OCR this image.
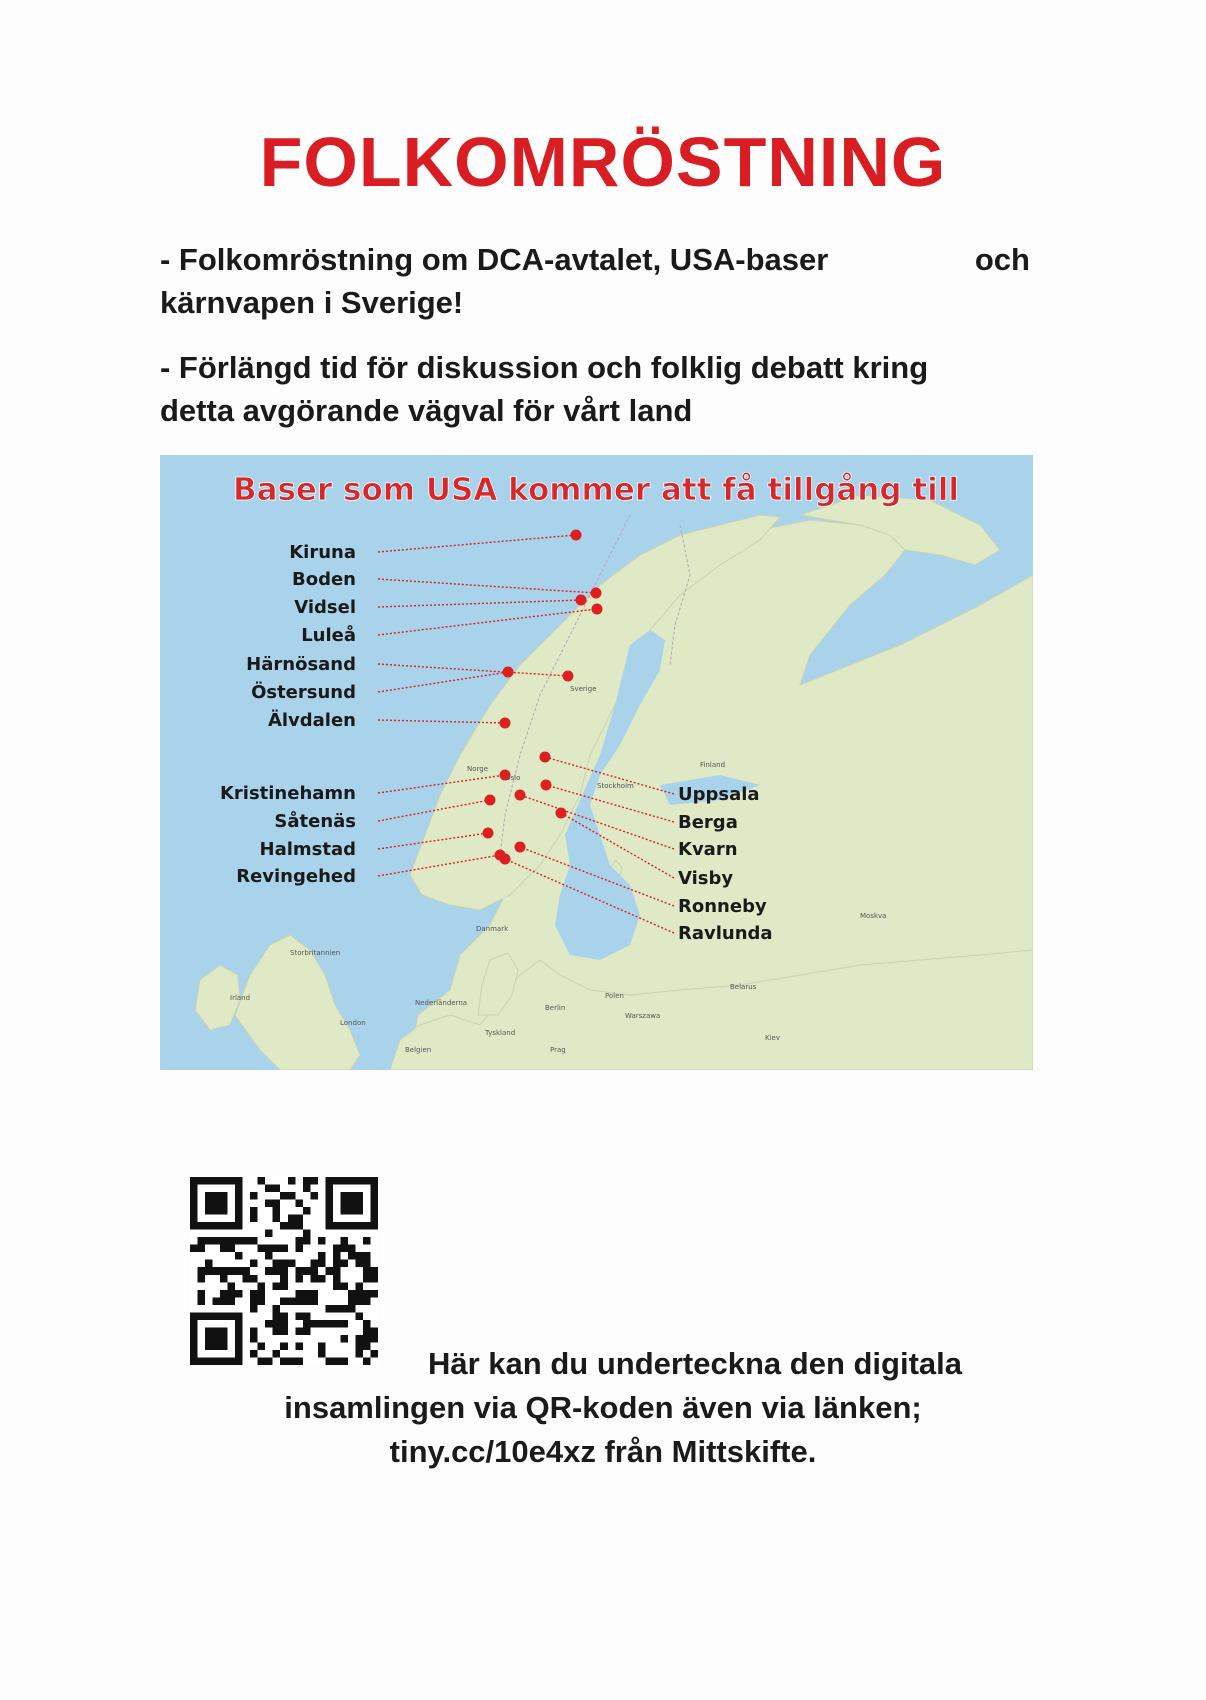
FOLKOMRÖSTNING
- Folkomröstning om DCA-avtalet, USA-baser	och
kärnvapen i Sverige!
- Förlängd tid för diskussion och folklig debatt kring
detta avgörande vägval för vårt land
Baser som USA kommer att få tillgång till
Kiruna
Boden
Vidsel
Luleå
Härnösand
Östersund
Älvdalen
Kristinehamn
Såtenäs
Halmstad
Revingehed
Uppsala
Berga
Kvarn
Visby
Ronneby
Ravlunda
Sverige
Norge	Finland
Danmark
Storbritannien
Irland
London
Nederländerna
Belgien
Tyskland
Polen
Warszawa
Belarus
Moskva
Kiev
Berlin
Prag
Oslo
Stockholm
Här kan du underteckna den digitala
insamlingen via QR-koden även via länken;
tiny.cc/10e4xz från Mittskifte.
